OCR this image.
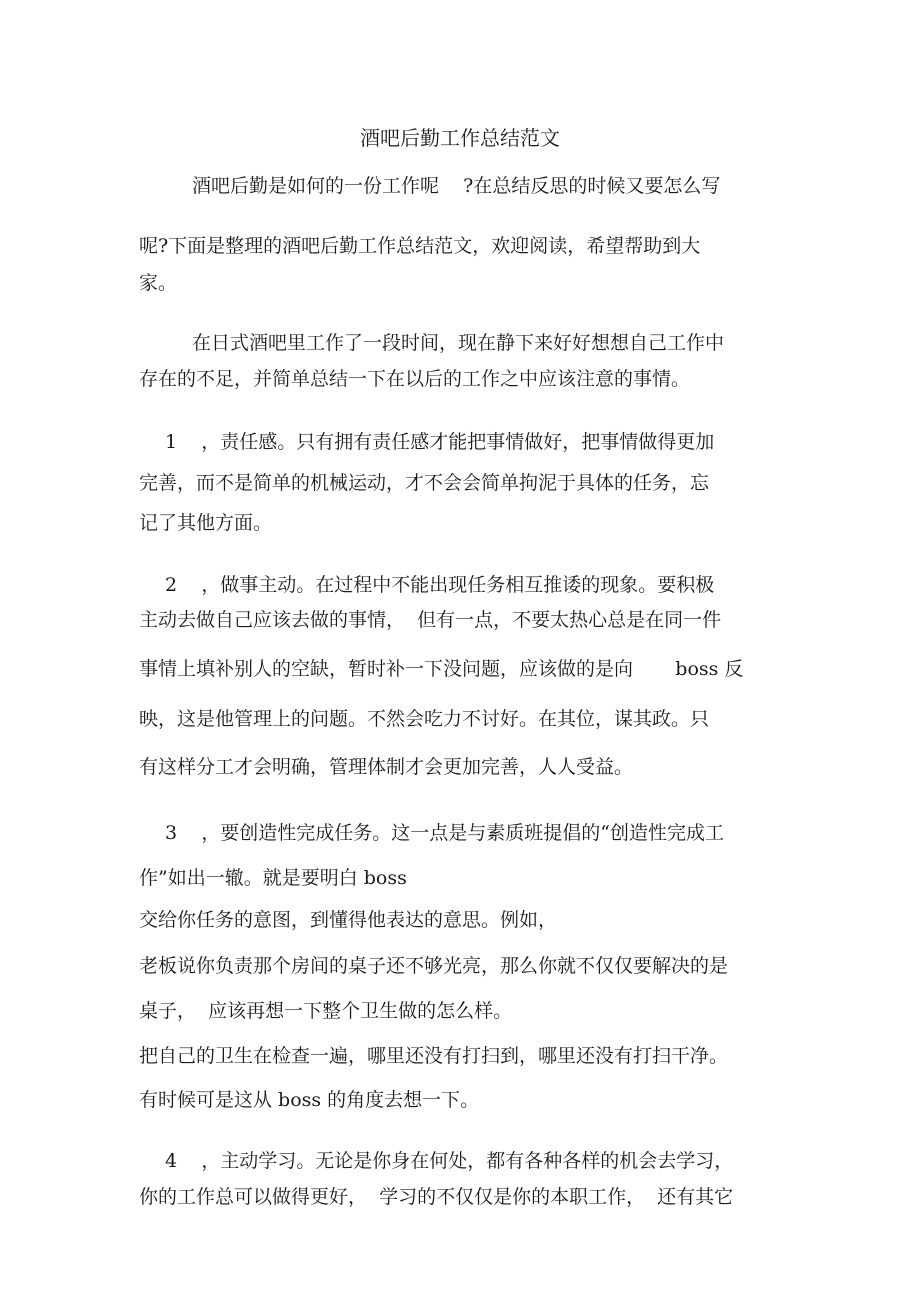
酒吧后勤工作总结范文
酒吧后勤是如何的一份工作呢    ?在总结反思的时候又要怎么写
呢?下面是整理的酒吧后勤工作总结范文，欢迎阅读，希望帮助到大
家。
在日式酒吧里工作了一段时间，现在静下来好好想想自己工作中
存在的不足，并简单总结一下在以后的工作之中应该注意的事情。
1    ，责任感。只有拥有责任感才能把事情做好，把事情做得更加
完善，而不是简单的机械运动，才不会会简单拘泥于具体的任务，忘
记了其他方面。
2    ，做事主动。在过程中不能出现任务相互推诿的现象。要积极
主动去做自己应该去做的事情，  但有一点，不要太热心总是在同一件
事情上填补别人的空缺，暂时补一下没问题，应该做的是向       boss 反
映，这是他管理上的问题。不然会吃力不讨好。在其位，谋其政。只
有这样分工才会明确，管理体制才会更加完善，人人受益。
3    ，要创造性完成任务。这一点是与素质班提倡的“创造性完成工
作”如出一辙。就是要明白 boss
交给你任务的意图，到懂得他表达的意思。例如，
老板说你负责那个房间的桌子还不够光亮，那么你就不仅仅要解决的是
桌子，  应该再想一下整个卫生做的怎么样。
把自己的卫生在检查一遍，哪里还没有打扫到，哪里还没有打扫干净。
有时候可是这从 boss 的角度去想一下。
4    ，主动学习。无论是你身在何处，都有各种各样的机会去学习，
你的工作总可以做得更好，  学习的不仅仅是你的本职工作，  还有其它
